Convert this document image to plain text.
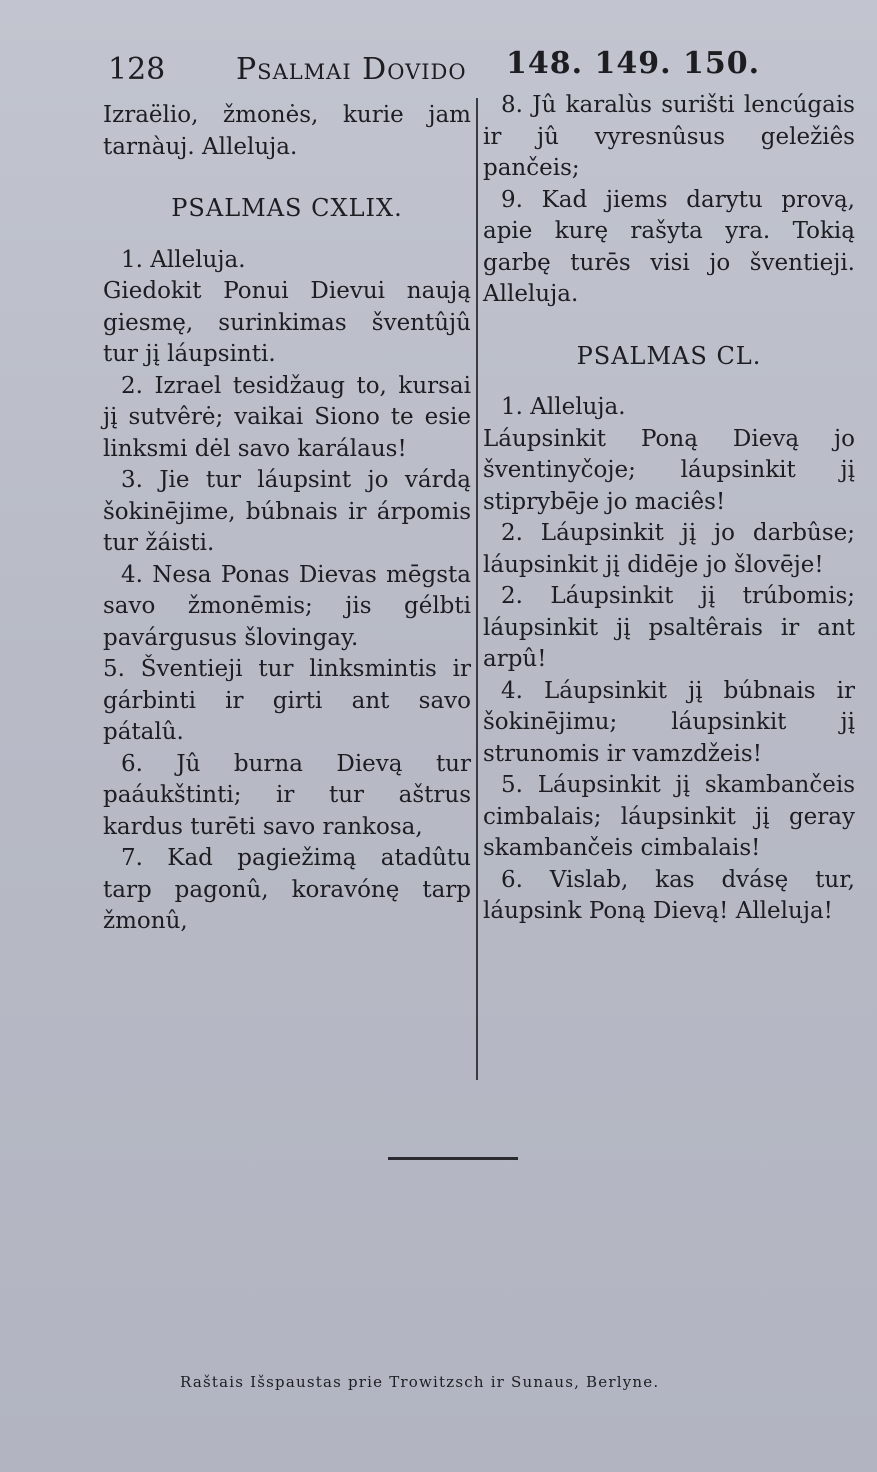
128 Psalmai Dovido 148. 149. 150.

Izraëlio, žmonės, kurie jam tarnàuj. Alleluja.

PSALMAS CXLIX.

1. Alleluja.

Giedokit Ponui Dievui naują giesmę, surinkimas šventûjû tur jį láupsinti.

2. Izrael tesidžaug to, kursai jį sutvêrė; vaikai Siono te esie linksmi dėl savo karálaus!

3. Jie tur láupsint jo várdą šokinējime, búbnais ir árpomis tur žáisti.

4. Nesa Ponas Dievas mēgsta savo žmonēmis; jis gélbti pavárgusus šlovingay.

5. Šventieji tur linksmintis ir gárbinti ir girti ant savo pátalû.

6. Jû burna Dievą tur paáukštinti; ir tur aštrus kardus turēti savo rankosa,

7. Kad pagiežimą atadûtu tarp pagonû, koravónę tarp žmonû,

8. Jû karalùs surišti lencúgais ir jû vyresnûsus geležiês pančeis;

9. Kad jiems darytu provą, apie kurę rašyta yra. Tokią garbę turēs visi jo šventieji. Alleluja.

PSALMAS CL.

1. Alleluja.

Láupsinkit Poną Dievą jo šventinyčoje; láupsinkit jį stiprybēje jo maciês!

2. Láupsinkit jį jo darbûse; láupsinkit jį didēje jo šlovēje!

2. Láupsinkit jį trúbomis; láupsinkit jį psaltêrais ir ant arpû!

4. Láupsinkit jį búbnais ir šokinējimu; láupsinkit jį strunomis ir vamzdžeis!

5. Láupsinkit jį skambančeis cimbalais; láupsinkit jį geray skambančeis cimbalais!

6. Vislab, kas dvásę tur, láupsink Poną Dievą! Alleluja!

Raštais Išspaustas prie Trowitzsch ir Sunaus, Berlyne.
